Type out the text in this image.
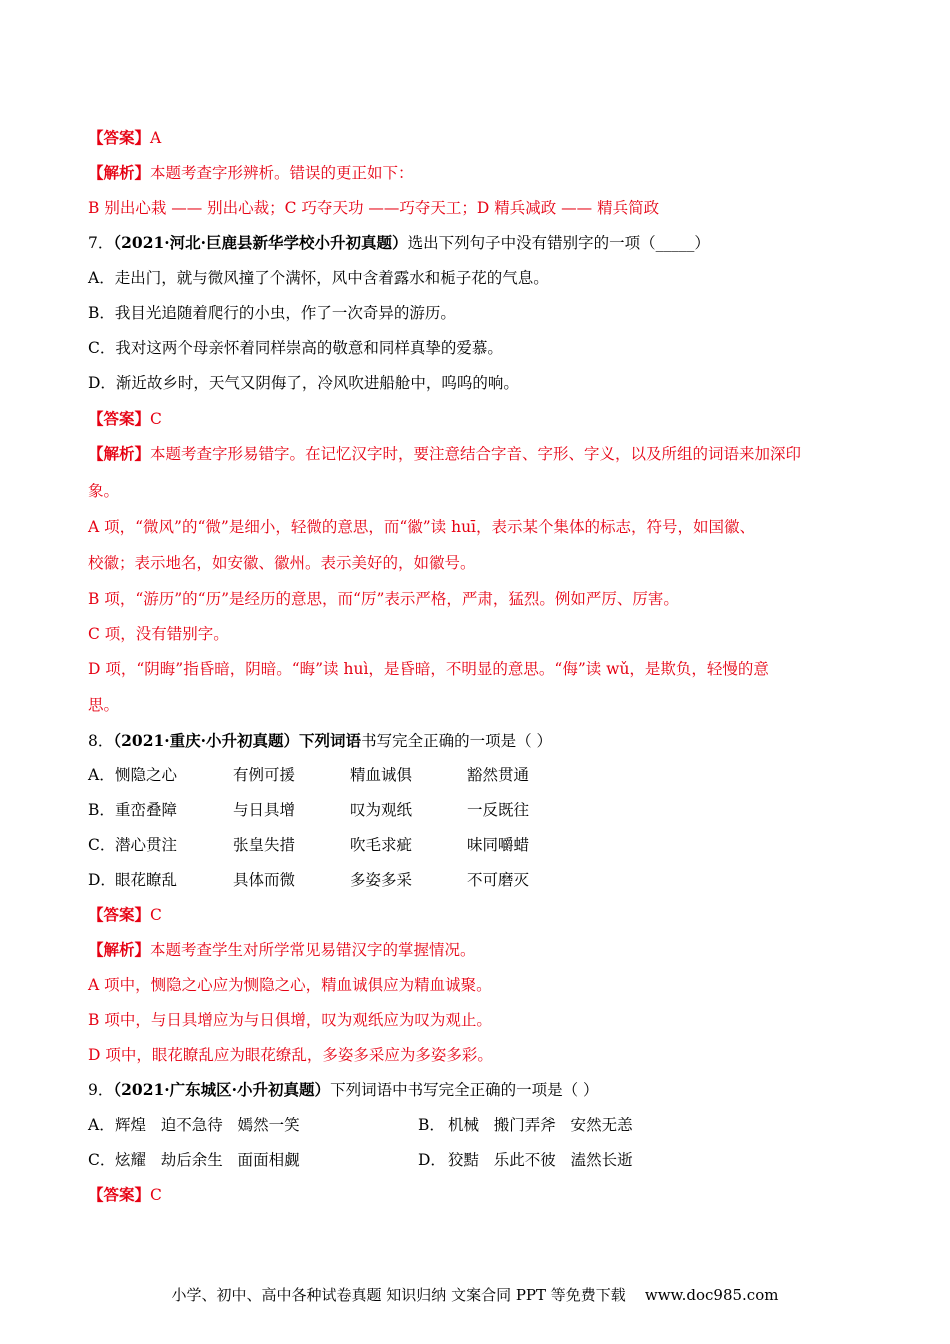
【答案】A
【解析】本题考查字形辨析。错误的更正如下：
B 别出心栽 —— 别出心裁；C 巧夺天功 ——巧夺天工；D 精兵减政 —— 精兵简政
7．（2021·河北·巨鹿县新华学校小升初真题）选出下列句子中没有错别字的一项（_____）
A．走出门，就与微风撞了个满怀，风中含着露水和栀子花的气息。
B．我目光追随着爬行的小虫，作了一次奇异的游历。
C．我对这两个母亲怀着同样崇高的敬意和同样真挚的爱慕。
D．渐近故乡时，天气又阴侮了，冷风吹进船舱中，呜呜的响。
【答案】C
【解析】本题考查字形易错字。在记忆汉字时，要注意结合字音、字形、字义，以及所组的词语来加深印
象。
A 项，“微风”的“微”是细小，轻微的意思，而“徽”读 huī，表示某个集体的标志，符号，如国徽、
校徽；表示地名，如安徽、徽州。表示美好的，如徽号。
B 项，“游历”的“历”是经历的意思，而“厉”表示严格，严肃，猛烈。例如严厉、厉害。
C 项，没有错别字。
D 项，“阴晦”指昏暗，阴暗。“晦”读 huì，是昏暗，不明显的意思。“侮”读 wǔ，是欺负，轻慢的意
思。
8．（2021·重庆·小升初真题）下列词语书写完全正确的一项是（ ）
A． 恻隐之心	有例可援	精血诚俱	豁然贯通
B． 重峦叠障	与日具增	叹为观纸	一反既往
C． 潜心贯注	张皇失措	吹毛求疵	味同嚼蜡
D． 眼花瞭乱	具体而微	多姿多采	不可磨灭
【答案】C
【解析】本题考查学生对所学常见易错汉字的掌握情况。
A 项中，恻隐之心应为恻隐之心，精血诚俱应为精血诚聚。
B 项中，与日具增应为与日俱增，叹为观纸应为叹为观止。
D 项中，眼花瞭乱应为眼花缭乱，多姿多采应为多姿多彩。
9．（2021·广东城区·小升初真题）下列词语中书写完全正确的一项是（ ）
A． 辉煌   迫不急待   嫣然一笑	B． 机械   搬门弄斧   安然无恙
C． 炫耀   劫后余生   面面相觑	D． 狡黠   乐此不彼   溘然长逝
【答案】C
小学、初中、高中各种试卷真题 知识归纳 文案合同 PPT 等免费下载    www.doc985.com
